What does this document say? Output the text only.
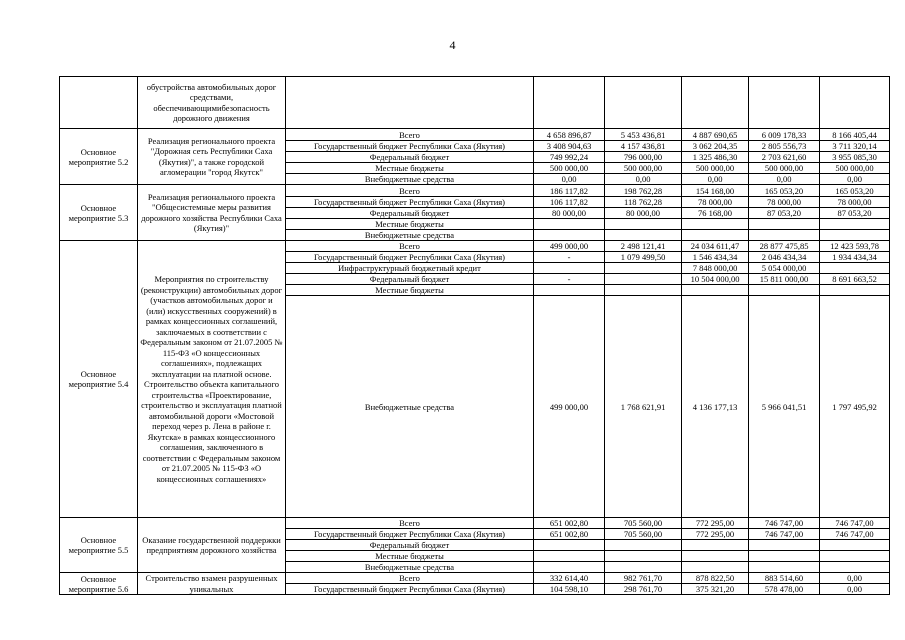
4
	обустройства автомобильных дорог средствами, обеспечивающимибезопасность дорожного движения						
Основное мероприятие 5.2	Реализация регионального проекта "Дорожная сеть Республики Саха (Якутия)", а также городской агломерации "город Якутск"	Всего	4 658 896,87	5 453 436,81	4 887 690,65	6 009 178,33	8 166 405,44
		Государственный бюджет Республики Саха (Якутия)	3 408 904,63	4 157 436,81	3 062 204,35	2 805 556,73	3 711 320,14
		Федеральный бюджет	749 992,24	796 000,00	1 325 486,30	2 703 621,60	3 955 085,30
		Местные бюджеты	500 000,00	500 000,00	500 000,00	500 000,00	500 000,00
		Внебюджетные средства	0,00	0,00	0,00	0,00	0,00
Основное мероприятие 5.3	Реализация регионального проекта "Общесистемные меры развития дорожного хозяйства Республики Саха (Якутия)"	Всего	186 117,82	198 762,28	154 168,00	165 053,20	165 053,20
		Государственный бюджет Республики Саха (Якутия)	106 117,82	118 762,28	78 000,00	78 000,00	78 000,00
		Федеральный бюджет	80 000,00	80 000,00	76 168,00	87 053,20	87 053,20
		Местные бюджеты					
		Внебюджетные средства					
Основное мероприятие 5.4	Мероприятия по строительству (реконструкции) автомобильных дорог (участков автомобильных дорог и (или) искусственных сооружений) в рамках концессионных соглашений, заключаемых в соответствии с Федеральным законом от 21.07.2005 № 115-ФЗ «О концессионных соглашениях», подлежащих эксплуатации на платной основе. Строительство объекта капитального строительства «Проектирование, строительство и эксплуатация платной автомобильной дороги «Мостовой переход через р. Лена в районе г. Якутска» в рамках концессионного соглашения, заключенного в соответствии с Федеральным законом от 21.07.2005 № 115-ФЗ «О концессионных соглашениях»	Всего	499 000,00	2 498 121,41	24 034 611,47	28 877 475,85	12 423 593,78
		Государственный бюджет Республики Саха (Якутия)	-	1 079 499,50	1 546 434,34	2 046 434,34	1 934 434,34
		Инфраструктурный бюджетный кредит			7 848 000,00	5 054 000,00	
		Федеральный бюджет	-		10 504 000,00	15 811 000,00	8 691 663,52
		Местные бюджеты					
		Внебюджетные средства	499 000,00	1 768 621,91	4 136 177,13	5 966 041,51	1 797 495,92
Основное мероприятие 5.5	Оказание государственной поддержки предприятиям дорожного хозяйства	Всего	651 002,80	705 560,00	772 295,00	746 747,00	746 747,00
		Государственный бюджет Республики Саха (Якутия)	651 002,80	705 560,00	772 295,00	746 747,00	746 747,00
		Федеральный бюджет					
		Местные бюджеты					
		Внебюджетные средства					
Основное мероприятие 5.6	Строительство взамен разрушенных уникальных	Всего	332 614,40	982 761,70	878 822,50	883 514,60	0,00
		Государственный бюджет Республики Саха (Якутия)	104 598,10	298 761,70	375 321,20	578 478,00	0,00
